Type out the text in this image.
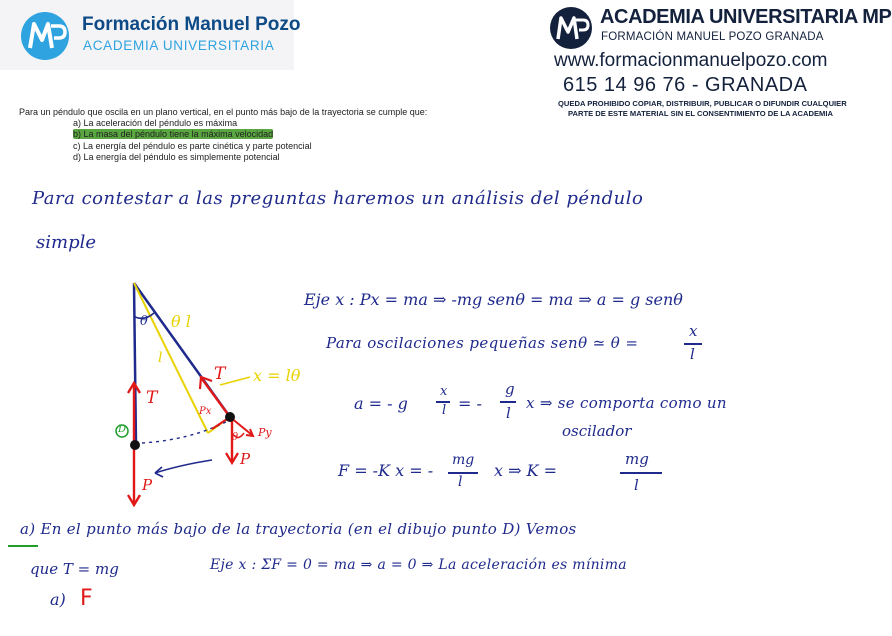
Formación Manuel Pozo
ACADEMIA UNIVERSITARIA
ACADEMIA UNIVERSITARIA MP
FORMACIÓN MANUEL POZO GRANADA
www.formacionmanuelpozo.com
615 14 96 76 - GRANADA
QUEDA PROHIBIDO COPIAR, DISTRIBUIR, PUBLICAR O DIFUNDIR CUALQUIER
PARTE DE ESTE MATERIAL SIN EL CONSENTIMIENTO DE LA ACADEMIA
Para un péndulo que oscila en un plano vertical, en el punto más bajo de la trayectoria se cumple que:
a) La aceleración del péndulo es máxima
b) La masa del péndulo tiene la máxima velocidad
c) La energía del péndulo es parte cinética y parte potencial
d) La energía del péndulo es simplemente potencial
Para contestar a las preguntas haremos un análisis del péndulo
simple
θ θ l
l
T
T x = lθ
P
P
Px
Py
θ
D
Eje x : Px = ma ⇒ -mg senθ = ma ⇒ a = g senθ
Para oscilaciones pequeñas senθ ≃ θ =
x
l
a = - g
x
l = -
g
l
x ⇒ se comporta como un
oscilador
F = -K x = -
mg
l
x ⇒ K =
mg
l
a) En el punto más bajo de la trayectoria (en el dibujo punto D) Vemos
que T = mg	Eje x : ΣF = 0 = ma ⇒ a = 0 ⇒ La aceleración es mínima
a) F
